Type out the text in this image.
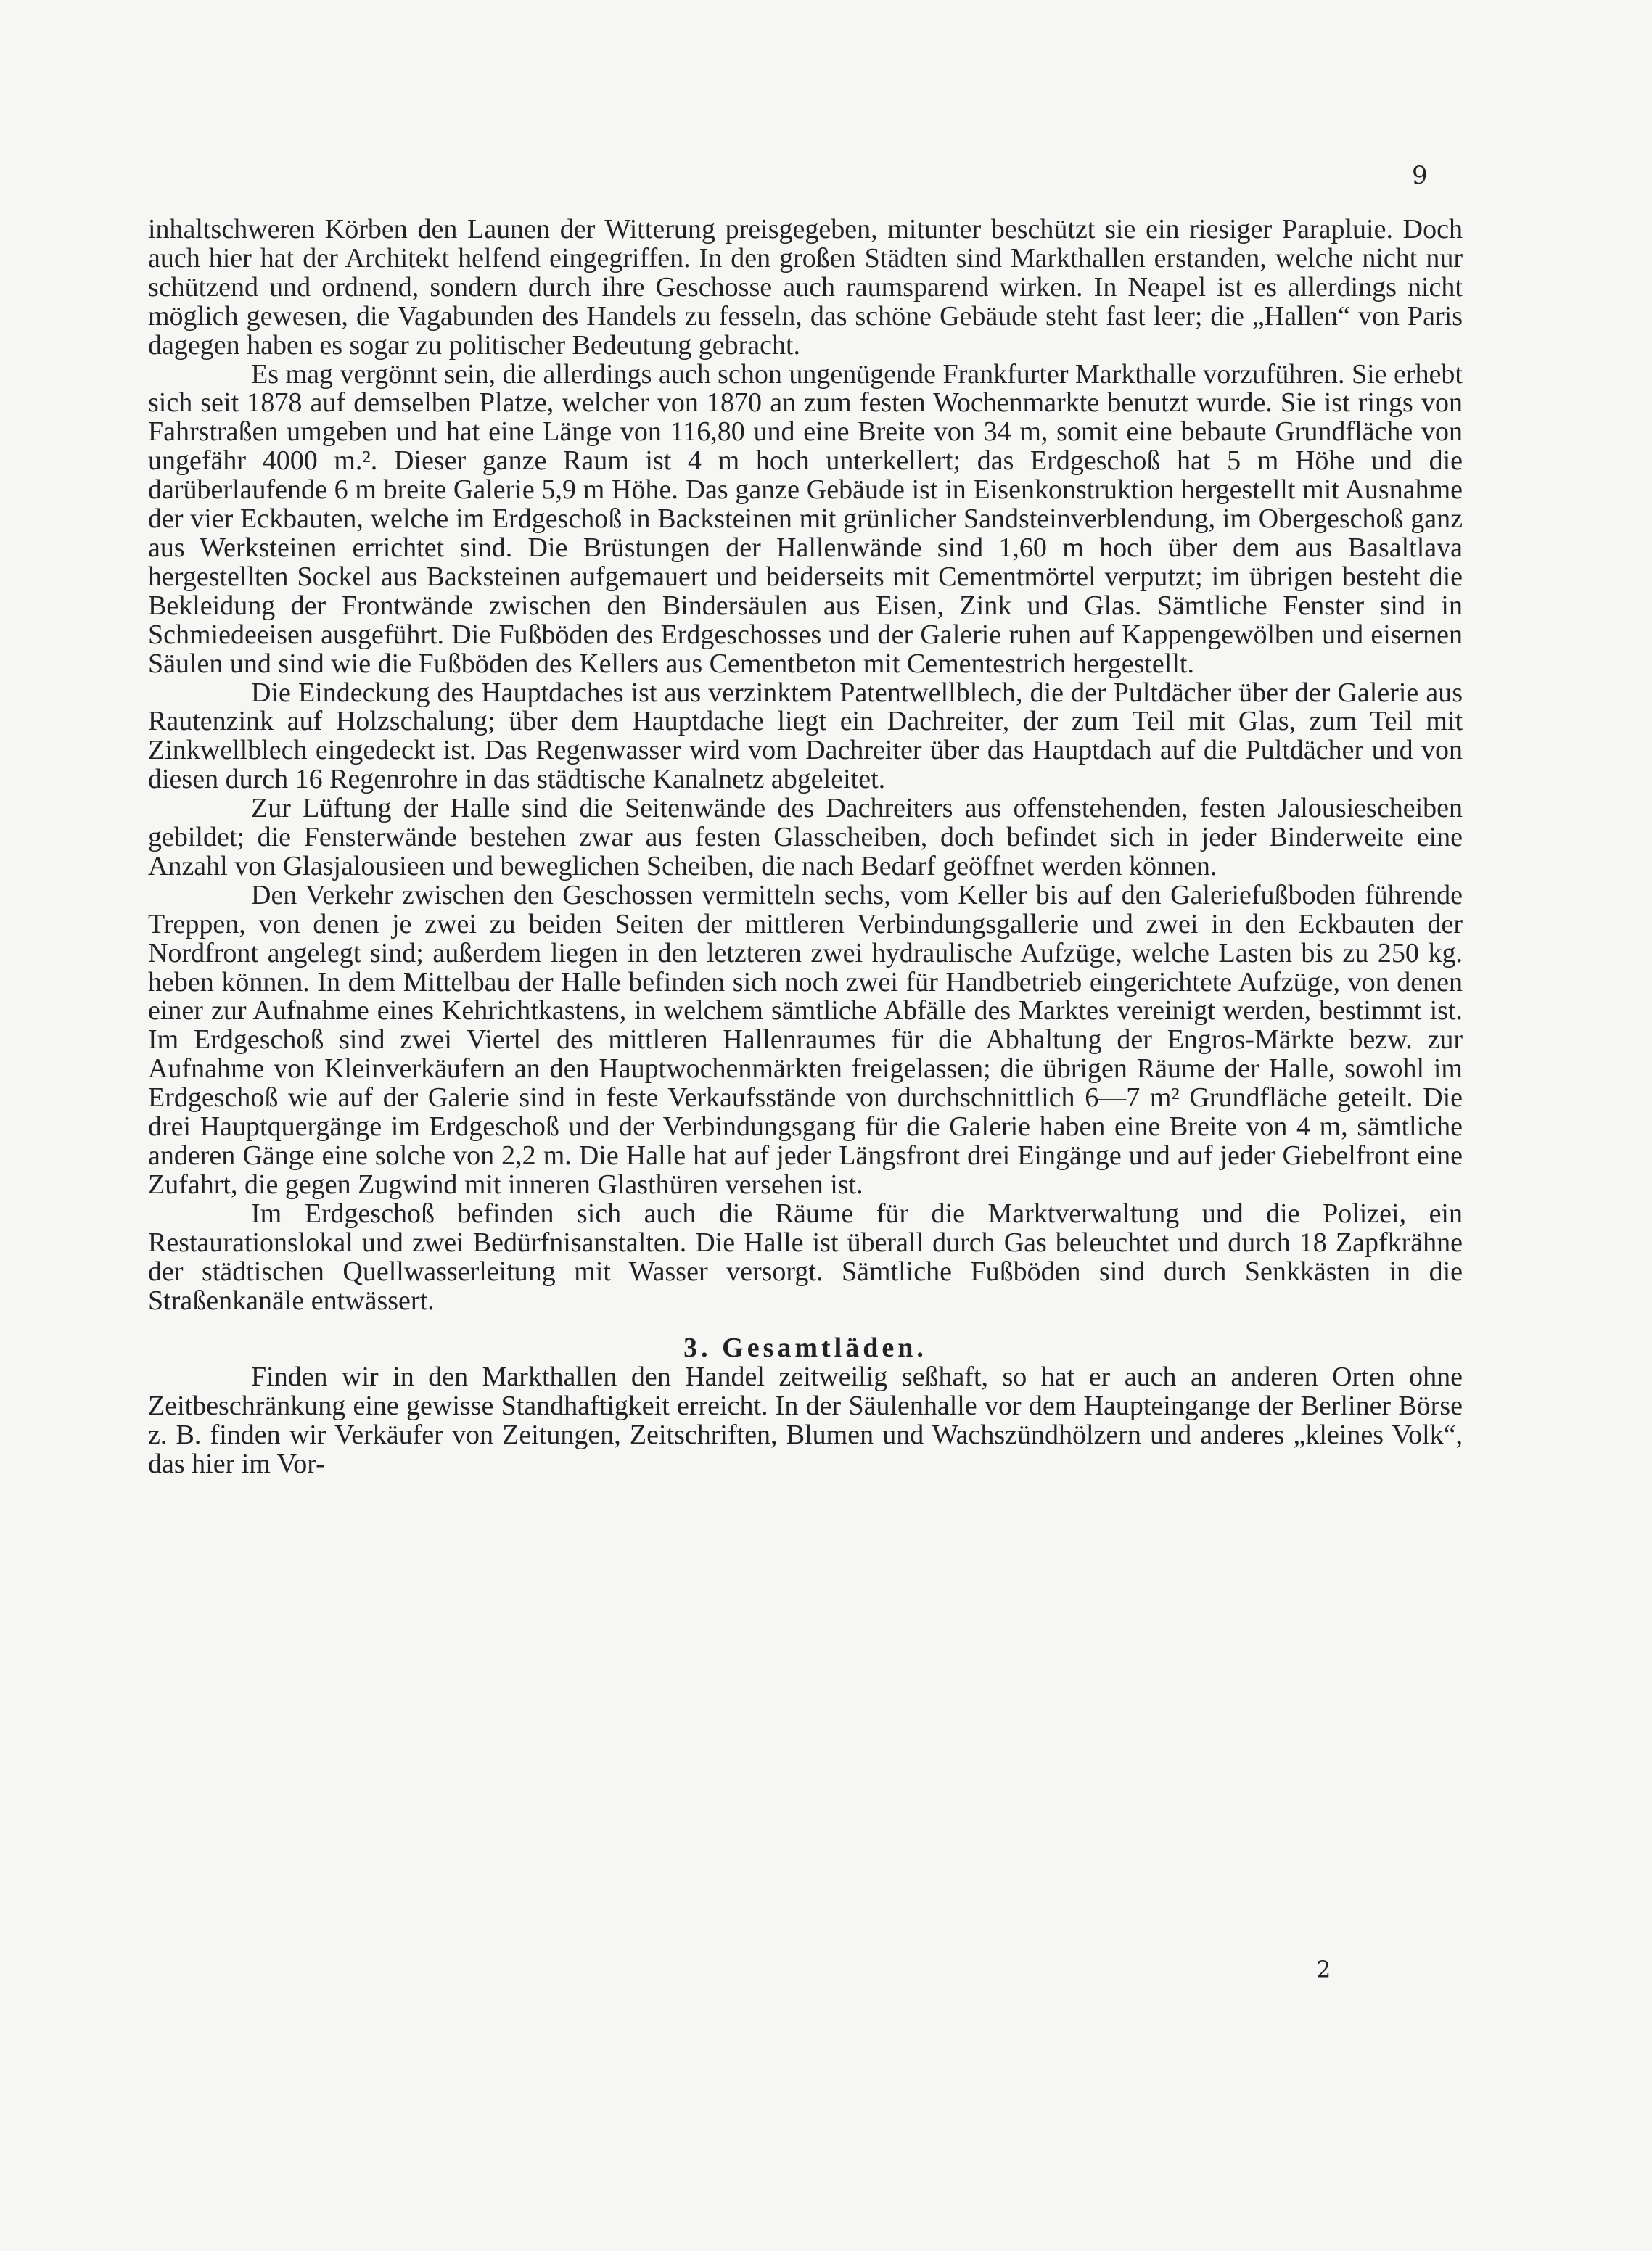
9

inhaltschweren Körben den Launen der Witterung preisgegeben, mitunter beschützt sie ein riesiger Parapluie. Doch auch hier hat der Architekt helfend eingegriffen. In den großen Städten sind Markthallen erstanden, welche nicht nur schützend und ordnend, sondern durch ihre Geschosse auch raumsparend wirken. In Neapel ist es allerdings nicht möglich gewesen, die Vagabunden des Handels zu fesseln, das schöne Gebäude steht fast leer; die „Hallen“ von Paris dagegen haben es sogar zu politischer Bedeutung gebracht.

Es mag vergönnt sein, die allerdings auch schon ungenügende Frankfurter Markthalle vorzuführen. Sie erhebt sich seit 1878 auf demselben Platze, welcher von 1870 an zum festen Wochenmarkte benutzt wurde. Sie ist rings von Fahrstraßen umgeben und hat eine Länge von 116,80 und eine Breite von 34 m, somit eine bebaute Grundfläche von ungefähr 4000 m.². Dieser ganze Raum ist 4 m hoch unterkellert; das Erdgeschoß hat 5 m Höhe und die darüberlaufende 6 m breite Galerie 5,9 m Höhe. Das ganze Gebäude ist in Eisenkonstruktion hergestellt mit Ausnahme der vier Eckbauten, welche im Erdgeschoß in Backsteinen mit grünlicher Sandsteinverblendung, im Obergeschoß ganz aus Werksteinen errichtet sind. Die Brüstungen der Hallenwände sind 1,60 m hoch über dem aus Basaltlava hergestellten Sockel aus Backsteinen aufgemauert und beiderseits mit Cementmörtel verputzt; im übrigen besteht die Bekleidung der Frontwände zwischen den Bindersäulen aus Eisen, Zink und Glas. Sämtliche Fenster sind in Schmiedeeisen ausgeführt. Die Fußböden des Erdgeschosses und der Galerie ruhen auf Kappengewölben und eisernen Säulen und sind wie die Fußböden des Kellers aus Cementbeton mit Cementestrich hergestellt.

Die Eindeckung des Hauptdaches ist aus verzinktem Patentwellblech, die der Pultdächer über der Galerie aus Rautenzink auf Holzschalung; über dem Hauptdache liegt ein Dachreiter, der zum Teil mit Glas, zum Teil mit Zinkwellblech eingedeckt ist. Das Regenwasser wird vom Dachreiter über das Hauptdach auf die Pultdächer und von diesen durch 16 Regenrohre in das städtische Kanalnetz abgeleitet.

Zur Lüftung der Halle sind die Seitenwände des Dachreiters aus offenstehenden, festen Jalousiescheiben gebildet; die Fensterwände bestehen zwar aus festen Glasscheiben, doch befindet sich in jeder Binderweite eine Anzahl von Glasjalousieen und beweglichen Scheiben, die nach Bedarf geöffnet werden können.

Den Verkehr zwischen den Geschossen vermitteln sechs, vom Keller bis auf den Galeriefußboden führende Treppen, von denen je zwei zu beiden Seiten der mittleren Verbindungsgallerie und zwei in den Eckbauten der Nordfront angelegt sind; außerdem liegen in den letzteren zwei hydraulische Aufzüge, welche Lasten bis zu 250 kg. heben können. In dem Mittelbau der Halle befinden sich noch zwei für Handbetrieb eingerichtete Aufzüge, von denen einer zur Aufnahme eines Kehrichtkastens, in welchem sämtliche Abfälle des Marktes vereinigt werden, bestimmt ist. Im Erdgeschoß sind zwei Viertel des mittleren Hallenraumes für die Abhaltung der Engros-Märkte bezw. zur Aufnahme von Kleinverkäufern an den Hauptwochenmärkten freigelassen; die übrigen Räume der Halle, sowohl im Erdgeschoß wie auf der Galerie sind in feste Verkaufsstände von durchschnittlich 6—7 m² Grundfläche geteilt. Die drei Hauptquergänge im Erdgeschoß und der Verbindungsgang für die Galerie haben eine Breite von 4 m, sämtliche anderen Gänge eine solche von 2,2 m. Die Halle hat auf jeder Längsfront drei Eingänge und auf jeder Giebelfront eine Zufahrt, die gegen Zugwind mit inneren Glasthüren versehen ist.

Im Erdgeschoß befinden sich auch die Räume für die Marktverwaltung und die Polizei, ein Restaurationslokal und zwei Bedürfnisanstalten. Die Halle ist überall durch Gas beleuchtet und durch 18 Zapfkrähne der städtischen Quellwasserleitung mit Wasser versorgt. Sämtliche Fußböden sind durch Senkkästen in die Straßenkanäle entwässert.

3. Gesamtläden.

Finden wir in den Markthallen den Handel zeitweilig seßhaft, so hat er auch an anderen Orten ohne Zeitbeschränkung eine gewisse Standhaftigkeit erreicht. In der Säulenhalle vor dem Haupteingange der Berliner Börse z. B. finden wir Verkäufer von Zeitungen, Zeitschriften, Blumen und Wachszündhölzern und anderes „kleines Volk“, das hier im Vor-

2
